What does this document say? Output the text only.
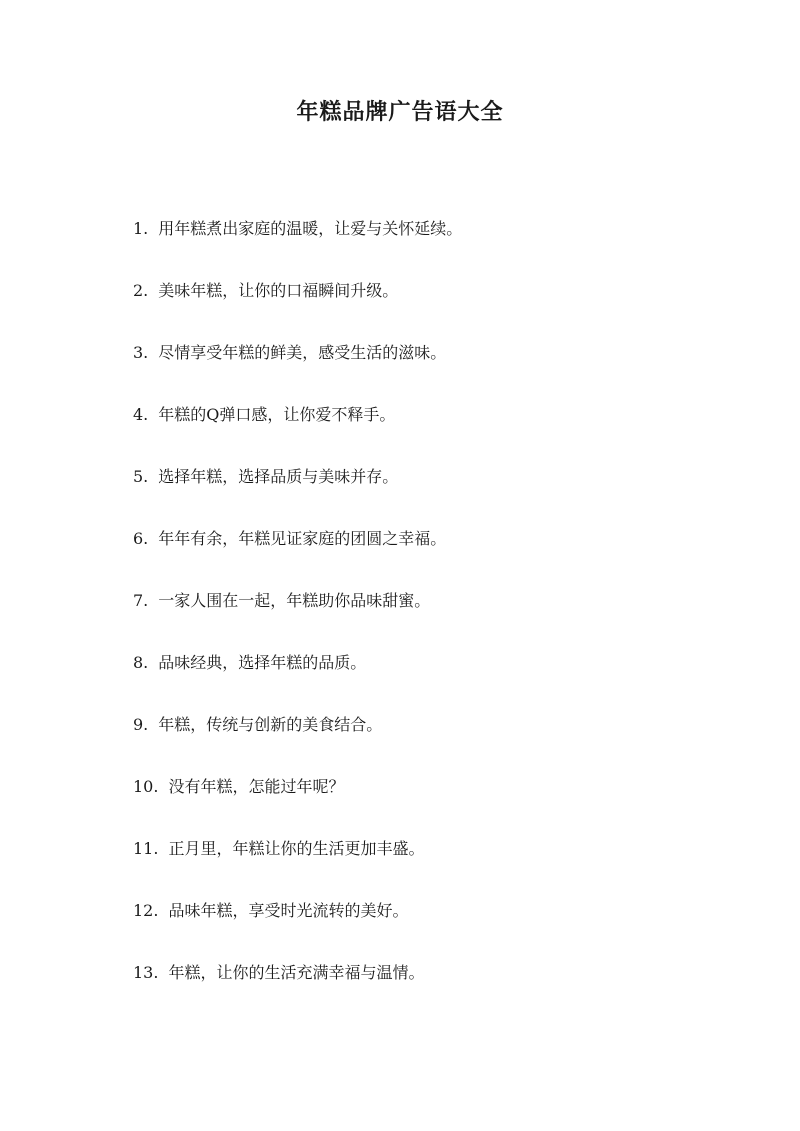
年糕品牌广告语大全
1. 用年糕煮出家庭的温暖，让爱与关怀延续。
2. 美味年糕，让你的口福瞬间升级。
3. 尽情享受年糕的鲜美，感受生活的滋味。
4. 年糕的Q弹口感，让你爱不释手。
5. 选择年糕，选择品质与美味并存。
6. 年年有余，年糕见证家庭的团圆之幸福。
7. 一家人围在一起，年糕助你品味甜蜜。
8. 品味经典，选择年糕的品质。
9. 年糕，传统与创新的美食结合。
10. 没有年糕，怎能过年呢？
11. 正月里，年糕让你的生活更加丰盛。
12. 品味年糕，享受时光流转的美好。
13. 年糕，让你的生活充满幸福与温情。
